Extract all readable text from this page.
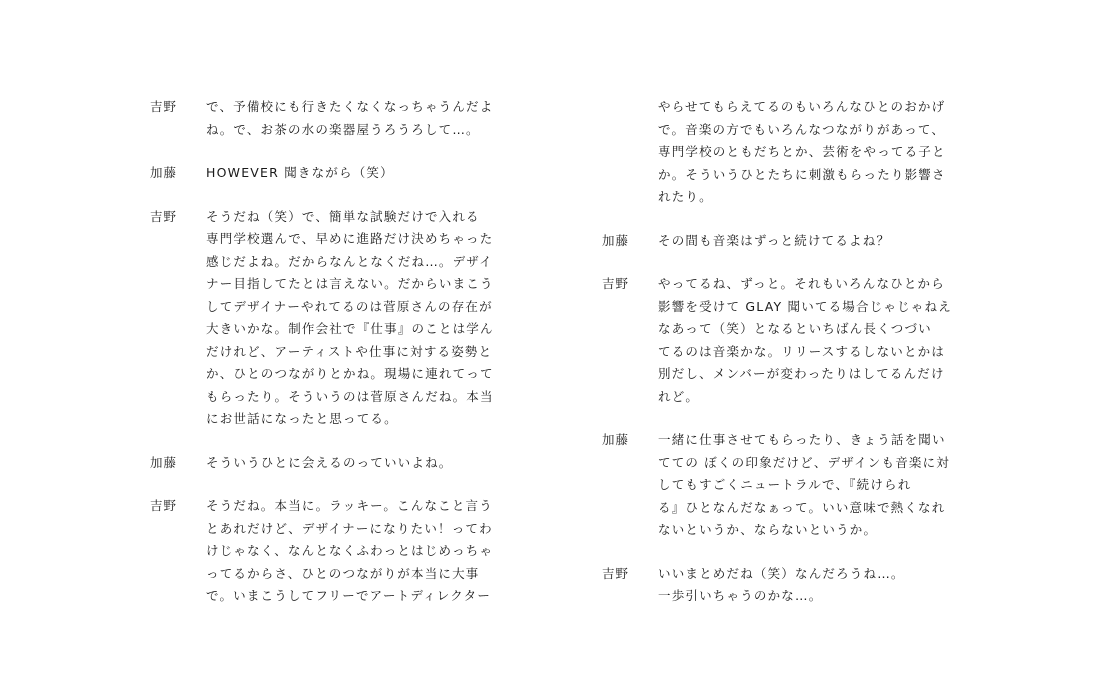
吉野	で、予備校にも行きたくなくなっちゃうんだよ
ね。で、お茶の水の楽器屋うろうろして…。
加藤	HOWEVER 聞きながら（笑）
吉野	そうだね（笑）で、簡単な試験だけで入れる
専門学校選んで、早めに進路だけ決めちゃった
感じだよね。だからなんとなくだね…。デザイ
ナー目指してたとは言えない。だからいまこう
してデザイナーやれてるのは菅原さんの存在が
大きいかな。制作会社で『仕事』のことは学ん
だけれど、アーティストや仕事に対する姿勢と
か、ひとのつながりとかね。現場に連れてって
もらったり。そういうのは菅原さんだね。本当
にお世話になったと思ってる。
加藤	そういうひとに会えるのっていいよね。
吉野	そうだね。本当に。ラッキー。こんなこと言う
とあれだけど、デザイナーになりたい！ってわ
けじゃなく、なんとなくふわっとはじめっちゃ
ってるからさ、ひとのつながりが本当に大事
で。いまこうしてフリーでアートディレクター
やらせてもらえてるのもいろんなひとのおかげ
で。音楽の方でもいろんなつながりがあって、
専門学校のともだちとか、芸術をやってる子と
か。そういうひとたちに刺激もらったり影響さ
れたり。
加藤	その間も音楽はずっと続けてるよね？
吉野	やってるね、ずっと。それもいろんなひとから
影響を受けて GLAY 聞いてる場合じゃじゃねえ
なあって（笑）となるといちばん長くつづい
てるのは音楽かな。リリースするしないとかは
別だし、メンバーが変わったりはしてるんだけ
れど。
加藤	一緒に仕事させてもらったり、きょう話を聞い
てての ぼくの印象だけど、デザインも音楽に対
してもすごくニュートラルで、『続けられ
る』ひとなんだなぁって。いい意味で熱くなれ
ないというか、ならないというか。
吉野	いいまとめだね（笑）なんだろうね…。
一歩引いちゃうのかな…。
